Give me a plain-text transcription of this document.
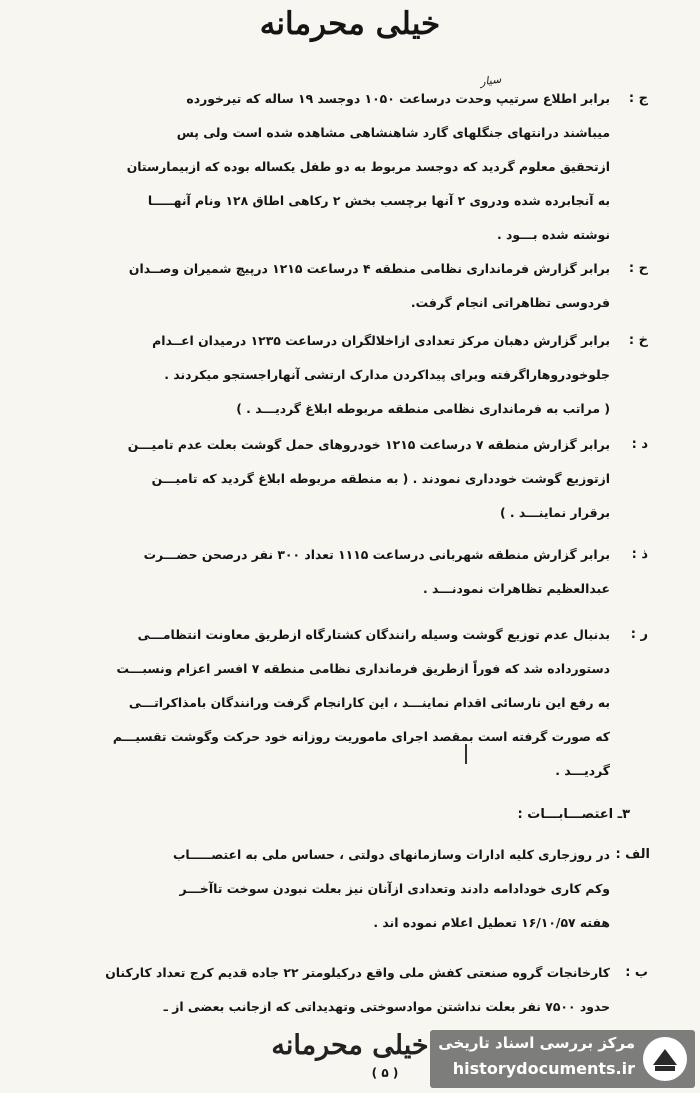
خیلی محرمانه
سیار
ج :
برابر اطلاع سرتیپ وحدت درساعت ۱۰۵۰ دوجسد ۱۹ ساله که تیرخورده
میباشند درانتهای جنگلهای گارد شاهنشاهی مشاهده شده است ولی پس
ازتحقیق معلوم گردید که دوجسد مربوط به دو طفل یکساله بوده که ازبیمارستان
به آنجابرده شده ودروی ۲ آنها برچسب بخش ۲ رکاهی اطاق ۱۲۸ ونام آنهـــــا
نوشته شده بـــود .
ح :
برابر گزارش فرمانداری نظامی منطقه ۴ درساعت ۱۲۱۵ درپیچ شمیران وصــدان
فردوسی تظاهراتی انجام گرفت.
خ :
برابر گزارش دهبان مرکز تعدادی ازاخلالگران درساعت ۱۲۳۵ درمیدان اعــدام
جلوخودروهاراگرفته وبرای پیداکردن مدارک ارتشی آنهاراجستجو میکردند .
( مراتب به فرمانداری نظامی منطقه مربوطه ابلاغ گردیـــد . )
د :
برابر گزارش منطقه ۷ درساعت ۱۲۱۵ خودروهای حمل گوشت بعلت عدم تامیـــن
ازتوزیع گوشت خودداری نمودند . ( به منطقه مربوطه ابلاغ گردید که تامیـــن
برقرار نماینـــد . )
ذ :
برابر گزارش منطقه شهربانی درساعت ۱۱۱۵ تعداد ۳۰۰ نفر درصحن حضـــرت
عبدالعظیم تظاهرات نمودنـــد .
ر :
بدنبال عدم توزیع گوشت وسیله رانندگان کشتارگاه ازطریق معاونت انتظامـــی
دستورداده شد که فوراً ازطریق فرمانداری نظامی منطقه ۷ افسر اعزام ونسبـــت
به رفع این نارسائی اقدام نماینـــد ، این کارانجام گرفت ورانندگان بامذاکراتـــی
که صورت گرفته است بمقصد اجرای ماموریت روزانه خود حرکت وگوشت تقسیـــم
گردیـــد .
۳ـ اعتصـــابـــات :
الف :
در روزجاری کلیه ادارات وسازمانهای دولتی ، حساس ملی به اعتصـــــاب
وکم کاری خودادامه دادند وتعدادی ازآنان نیز بعلت نبودن سوخت تاآخـــر
هفته ۱۶/۱۰/۵۷ تعطیل اعلام نموده اند .
ب :
کارخانجات گروه صنعتی کفش ملی واقع درکیلومتر ۲۲ جاده قدیم کرج تعداد کارکنان
حدود ۷۵۰۰ نفر بعلت نداشتن موادسوختی وتهدیداتی که ازجانب بعضی از ـ
خیلی محرمانه
( ۵ )
مرکز بررسی اسناد تاریخی
historydocuments.ir
